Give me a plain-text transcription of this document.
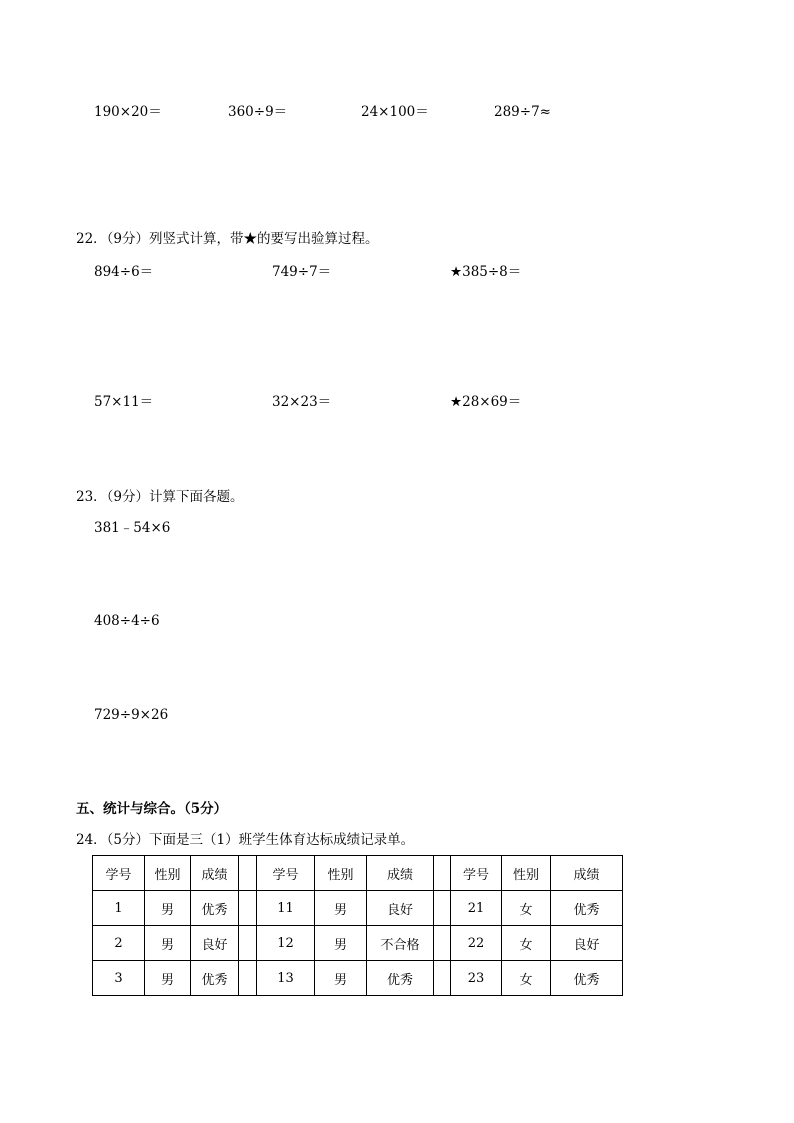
190×20＝	360÷9＝	24×100＝	289÷7≈
22．（9分）列竖式计算，带★的要写出验算过程。
894÷6＝	749÷7＝	★385÷8＝
57×11＝	32×23＝	★28×69＝
23．（9分）计算下面各题。
381﹣54×6
408÷4÷6
729÷9×26
五、统计与综合。（5分）
24．（5分）下面是三（1）班学生体育达标成绩记录单。
学号	性别	成绩		学号	性别	成绩		学号	性别	成绩
1	男	优秀		11	男	良好		21	女	优秀
2	男	良好		12	男	不合格		22	女	良好
3	男	优秀		13	男	优秀		23	女	优秀
